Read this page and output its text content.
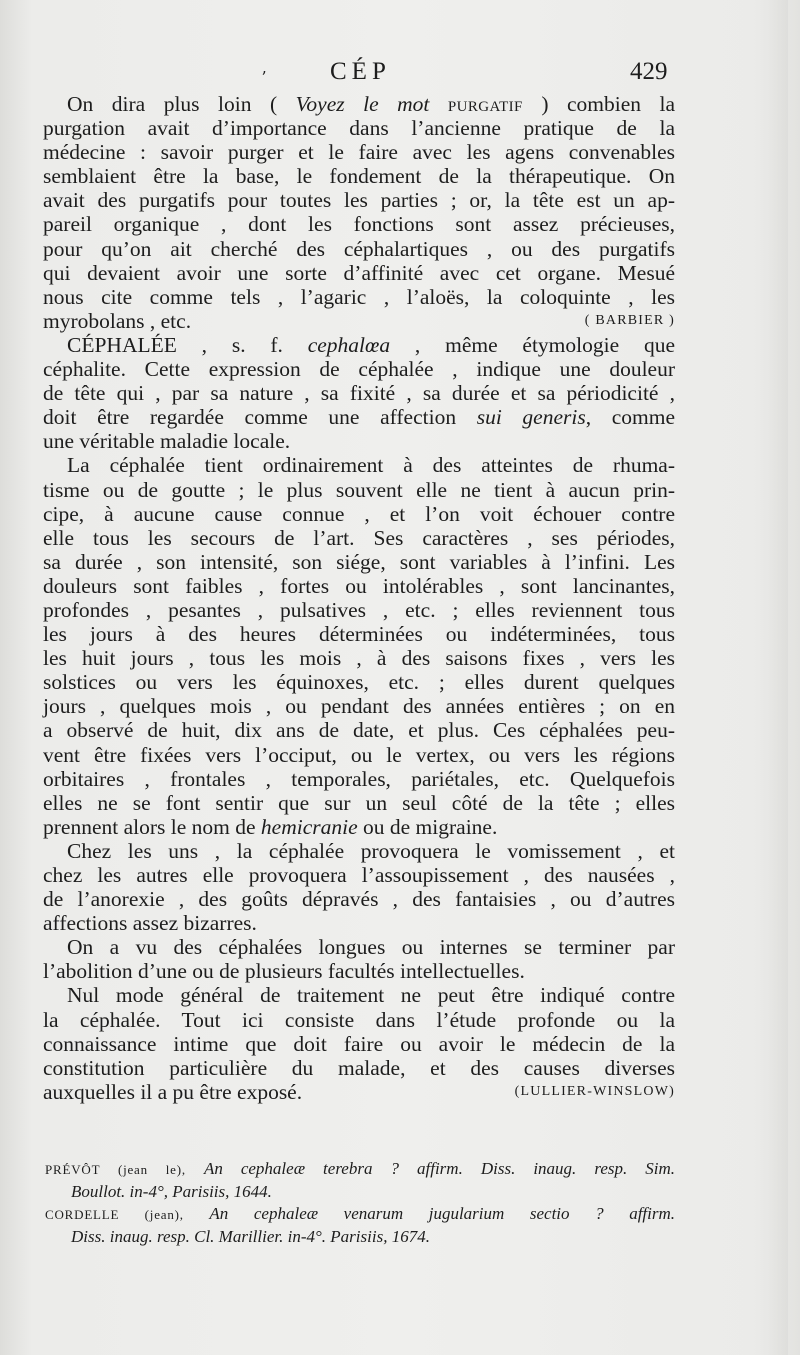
ʼ	CÉP	429
On dira plus loin ( Voyez le mot purgatif ) combien la
purgation avait d’importance dans l’ancienne pratique de la
médecine : savoir purger et le faire avec les agens convenables
semblaient être la base, le fondement de la thérapeutique. On
avait des purgatifs pour toutes les parties ; or, la tête est un ap-
pareil organique , dont les fonctions sont assez précieuses,
pour qu’on ait cherché des céphalartiques , ou des purgatifs
qui devaient avoir une sorte d’affinité avec cet organe. Mesué
nous cite comme tels , l’agaric , l’aloës, la coloquinte , les
myrobolans , etc.	( BARBIER )
CÉPHALÉE , s. f. cephalœa , même étymologie que
céphalite. Cette expression de céphalée , indique une douleur
de tête qui , par sa nature , sa fixité , sa durée et sa périodicité ,
doit être regardée comme une affection sui generis, comme
une véritable maladie locale.
La céphalée tient ordinairement à des atteintes de rhuma-
tisme ou de goutte ; le plus souvent elle ne tient à aucun prin-
cipe, à aucune cause connue , et l’on voit échouer contre
elle tous les secours de l’art. Ses caractères , ses périodes,
sa durée , son intensité, son siége, sont variables à l’infini. Les
douleurs sont faibles , fortes ou intolérables , sont lancinantes,
profondes , pesantes , pulsatives , etc. ; elles reviennent tous
les jours à des heures déterminées ou indéterminées, tous
les huit jours , tous les mois , à des saisons fixes , vers les
solstices ou vers les équinoxes, etc. ; elles durent quelques
jours , quelques mois , ou pendant des années entières ; on en
a observé de huit, dix ans de date, et plus. Ces céphalées peu-
vent être fixées vers l’occiput, ou le vertex, ou vers les régions
orbitaires , frontales , temporales, pariétales, etc. Quelquefois
elles ne se font sentir que sur un seul côté de la tête ; elles
prennent alors le nom de hemicranie ou de migraine.
Chez les uns , la céphalée provoquera le vomissement , et
chez les autres elle provoquera l’assoupissement , des nausées ,
de l’anorexie , des goûts dépravés , des fantaisies , ou d’autres
affections assez bizarres.
On a vu des céphalées longues ou internes se terminer par
l’abolition d’une ou de plusieurs facultés intellectuelles.
Nul mode général de traitement ne peut être indiqué contre
la céphalée. Tout ici consiste dans l’étude profonde ou la
connaissance intime que doit faire ou avoir le médecin de la
constitution particulière du malade, et des causes diverses
auxquelles il a pu être exposé.	(LULLIER-WINSLOW)
PRÉVÔT (jean le), An cephaleæ terebra ? affirm. Diss. inaug. resp. Sim.
Boullot. in-4°, Parisiis, 1644.
CORDELLE (jean), An cephaleæ venarum jugularium sectio ? affirm.
Diss. inaug. resp. Cl. Marillier. in-4°. Parisiis, 1674.
